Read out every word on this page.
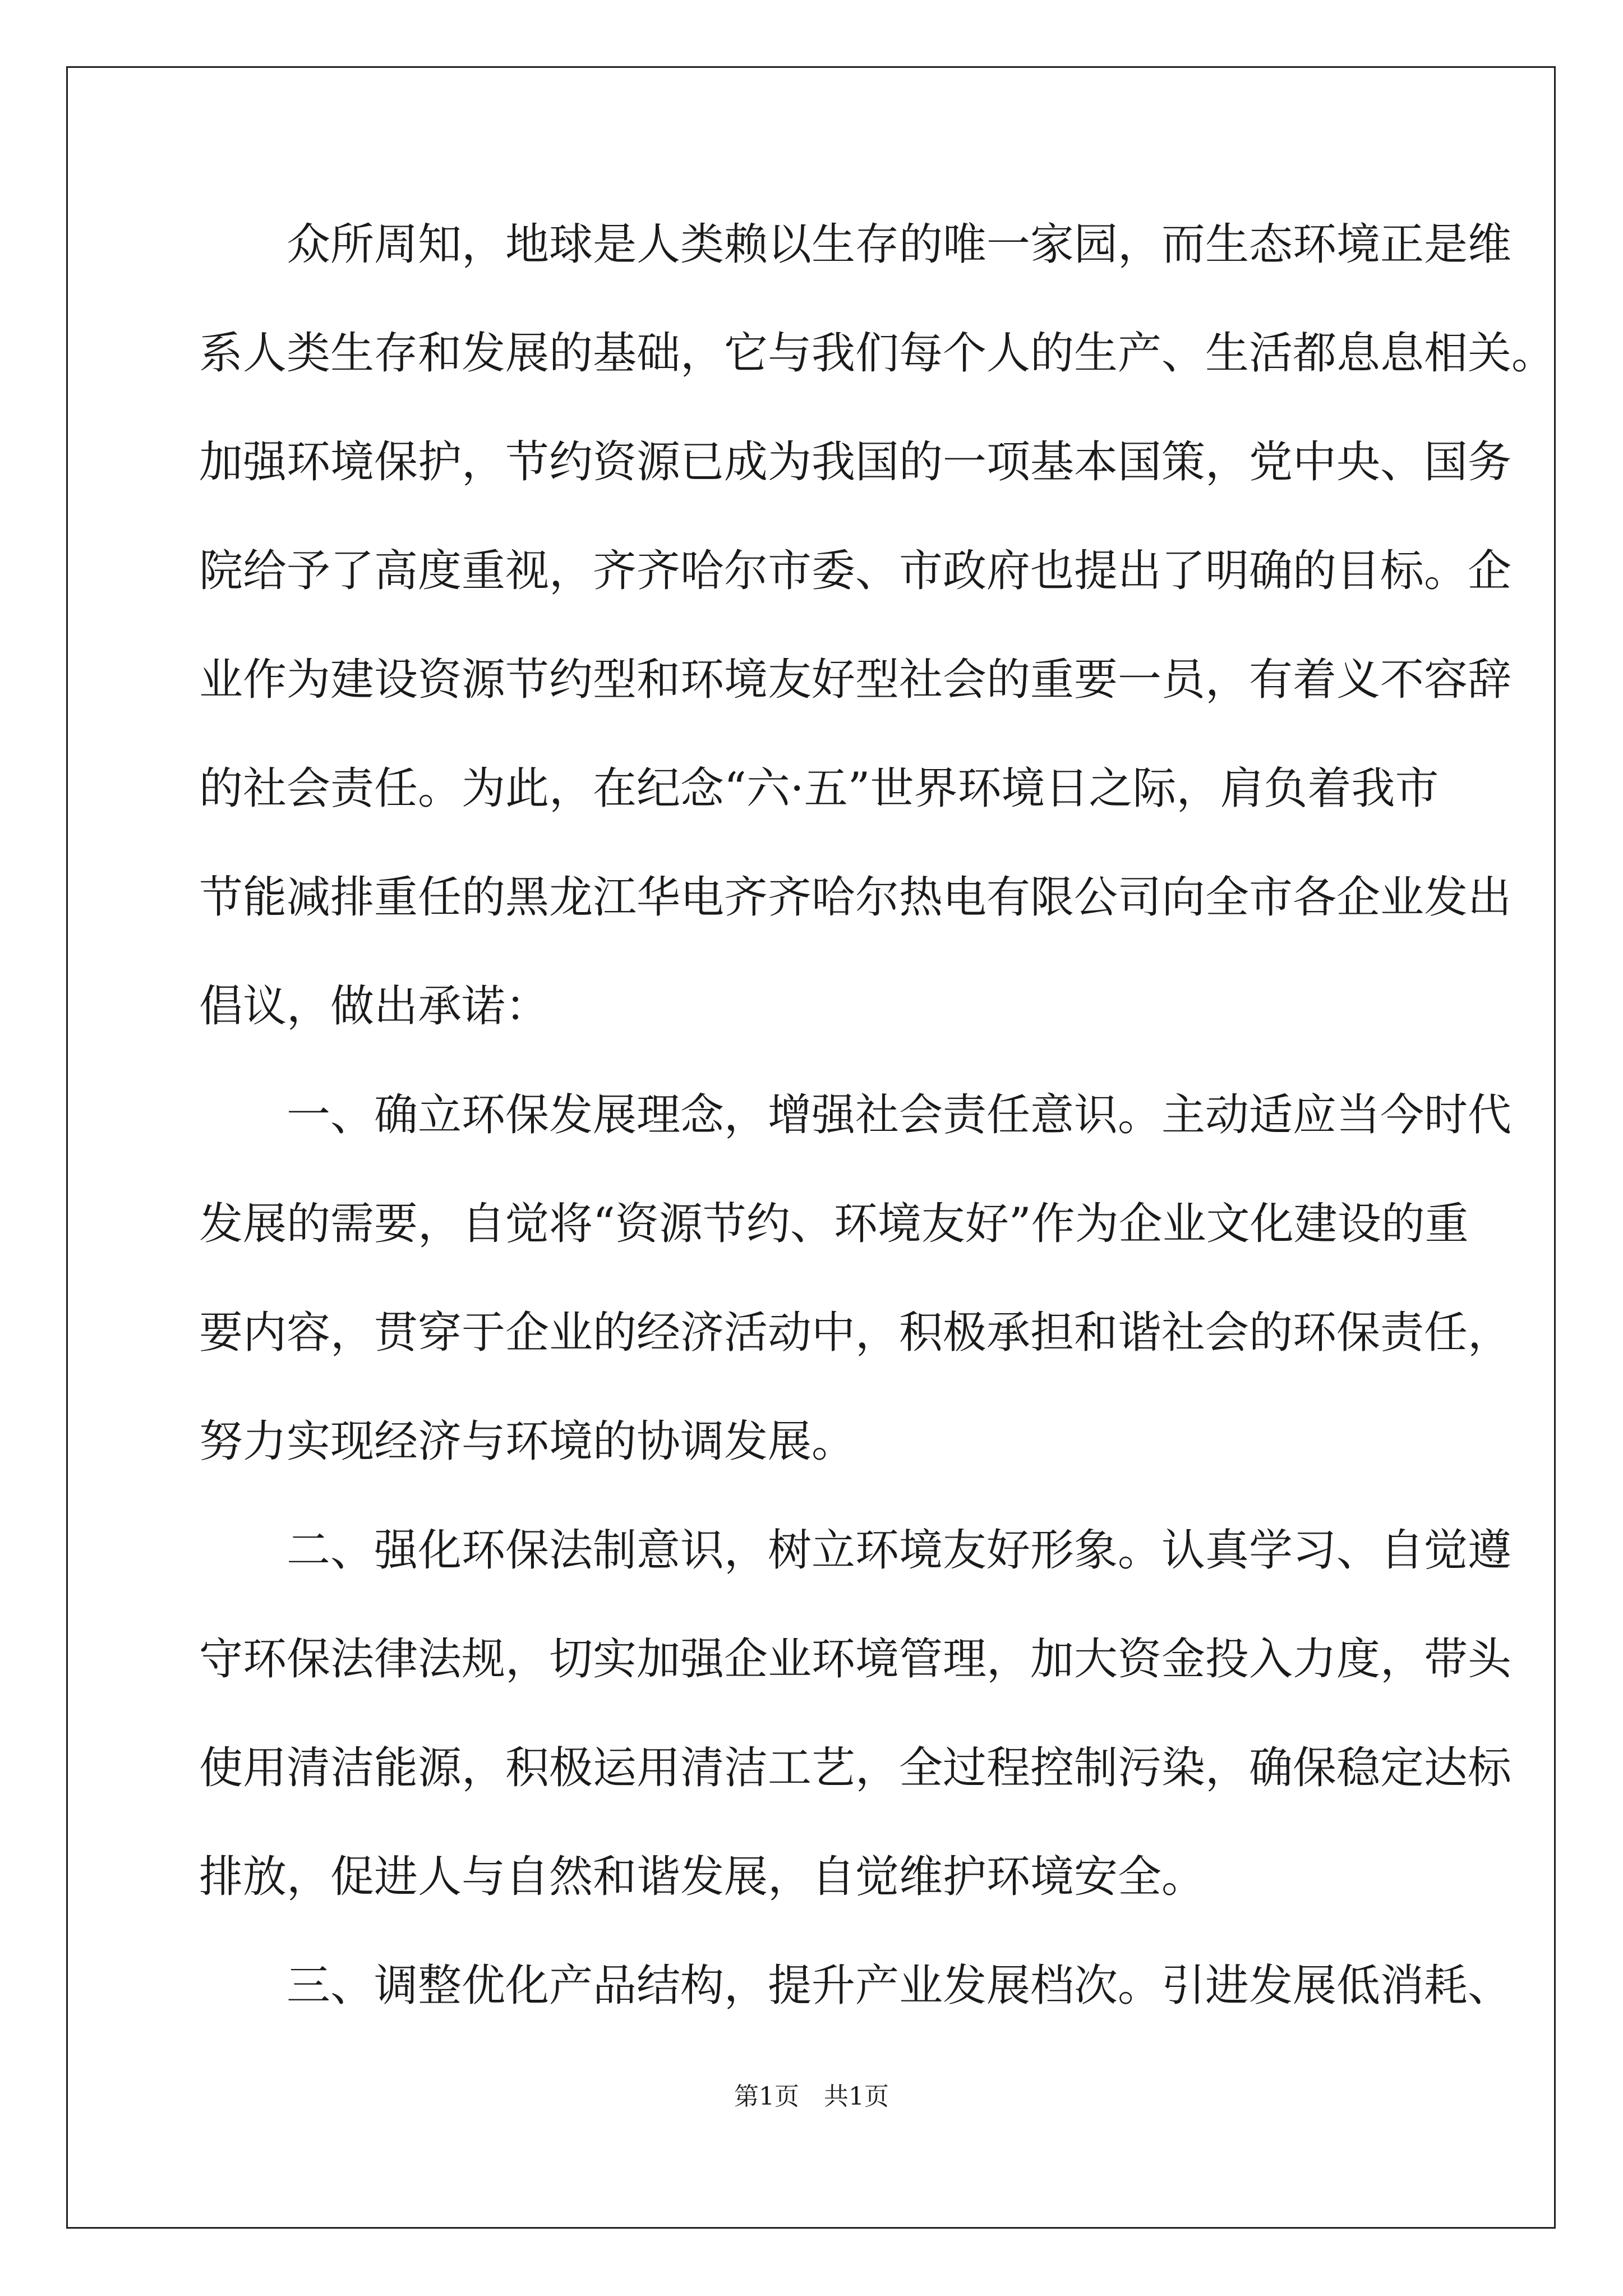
　　众所周知，地球是人类赖以生存的唯一家园，而生态环境正是维
系人类生存和发展的基础，它与我们每个人的生产、生活都息息相关。
加强环境保护，节约资源已成为我国的一项基本国策，党中央、国务
院给予了高度重视，齐齐哈尔市委、市政府也提出了明确的目标。企
业作为建设资源节约型和环境友好型社会的重要一员，有着义不容辞
的社会责任。为此，在纪念“六·五”世界环境日之际，肩负着我市
节能减排重任的黑龙江华电齐齐哈尔热电有限公司向全市各企业发出
倡议，做出承诺：
　　一、确立环保发展理念，增强社会责任意识。主动适应当今时代
发展的需要，自觉将“资源节约、环境友好”作为企业文化建设的重
要内容，贯穿于企业的经济活动中，积极承担和谐社会的环保责任，
努力实现经济与环境的协调发展。
　　二、强化环保法制意识，树立环境友好形象。认真学习、自觉遵
守环保法律法规，切实加强企业环境管理，加大资金投入力度，带头
使用清洁能源，积极运用清洁工艺，全过程控制污染，确保稳定达标
排放，促进人与自然和谐发展，自觉维护环境安全。
　　三、调整优化产品结构，提升产业发展档次。引进发展低消耗、
第1页　共1页
